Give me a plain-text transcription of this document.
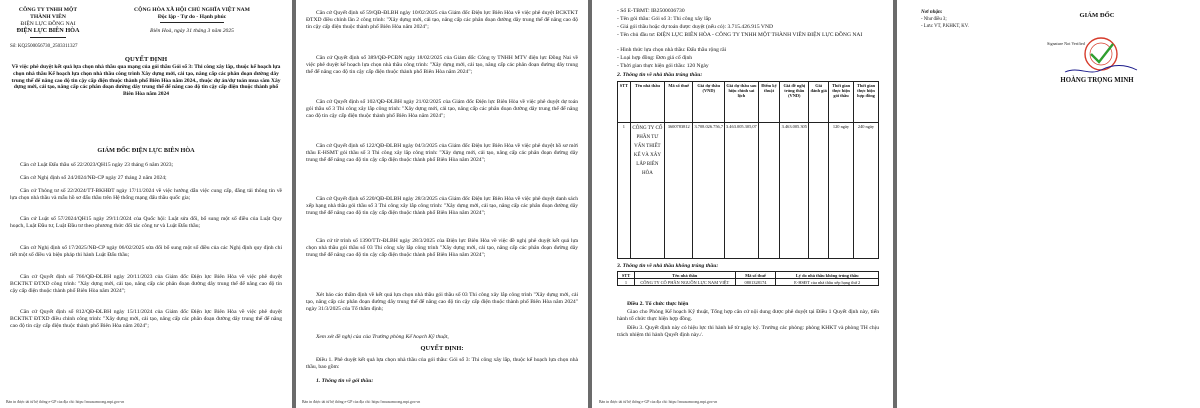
CÔNG TY TNHH MỘT
THÀNH VIÊN
ĐIỆN LỰC ĐỒNG NAI
ĐIỆN LỰC BIÊN HÒA
CỘNG HÒA XÃ HỘI CHỦ NGHĨA VIỆT NAM
Độc lập - Tự do - Hạnh phúc
Biên Hoà, ngày 31 tháng 3 năm 2025
Số: KQ2500056730_2503311327
QUYẾT ĐỊNH
Về việc phê duyệt kết quả lựa chọn nhà thầu qua mạng của gói thầu Gói số 3: Thi công xây lắp, thuộc kế hoạch lựa chọn nhà thầu Kế hoạch lựa chọn nhà thầu công trình Xây dựng mới, cải tạo, nâng cấp các phân đoạn đường dây trung thế để nâng cao độ tin cậy cấp điện thuộc thành phố Biên Hòa năm 2024., thuộc dự án/dự toán mua sắm Xây dựng mới, cải tạo, nâng cấp các phân đoạn đường dây trung thế để nâng cao độ tin cậy cấp điện thuộc thành phố Biên Hòa năm 2024
GIÁM ĐỐC ĐIỆN LỰC BIÊN HÒA
Căn cứ Luật Đấu thầu số 22/2023/QH15 ngày 23 tháng 6 năm 2023;
Căn cứ Nghị định số 24/2024/NĐ-CP ngày 27 tháng 2 năm 2024;
Căn cứ Thông tư số 22/2024/TT-BKHĐT ngày 17/11/2024 về việc hướng dẫn việc cung cấp, đăng tải thông tin về lựa chọn nhà thầu và mẫu hồ sơ đấu thầu trên Hệ thống mạng đấu thầu quốc gia;
Căn cứ Luật số 57/2024/QH15 ngày 29/11/2024 của Quốc hội: Luật sửa đổi, bổ sung một số điều của Luật Quy hoạch, Luật Đầu tư, Luật Đầu tư theo phương thức đối tác công tư và Luật Đấu thầu;
Căn cứ Nghị định số 17/2025/NĐ-CP ngày 06/02/2025 sửa đổi bổ sung một số điều của các Nghị định quy định chi tiết một số điều và biện pháp thi hành Luật Đấu thầu;
Căn cứ Quyết định số 766/QĐ-ĐLBH ngày 20/11/2023 của Giám đốc Điện lực Biên Hòa về việc phê duyệt BCKTKT ĐTXD công trình: "Xây dựng mới, cải tạo, nâng cấp các phân đoạn đường dây trung thế để nâng cao độ tin cậy cấp điện thuộc thành phố Biên Hòa năm 2024";
Căn cứ Quyết định số 812/QĐ-ĐLBH ngày 15/11/2024 của Giám đốc Điện lực Biên Hòa về việc phê duyệt BCKTKT ĐTXD điều chỉnh công trình: "Xây dựng mới, cải tạo, nâng cấp các phân đoạn đường dây trung thế để nâng cao độ tin cậy cấp điện thuộc thành phố Biên Hòa năm 2024";
Bản in được tải từ hệ thống e-GP của địa chỉ: https://muasamcong.mpi.gov.vn
Căn cứ Quyết định số 59/QĐ-ĐLBH ngày 10/02/2025 của Giám đốc Điện lực Biên Hòa về việc phê duyệt BCKTKT ĐTXD điều chỉnh lần 2 công trình: "Xây dựng mới, cải tạo, nâng cấp các phân đoạn đường dây trung thế để nâng cao độ tin cậy cấp điện thuộc thành phố Biên Hòa năm 2024";
Căn cứ Quyết định số 389/QĐ-PCĐN ngày 18/02/2025 của Giám đốc Công ty TNHH MTV điện lực Đồng Nai về việc phê duyệt kế hoạch lựa chọn nhà thầu công trình: "Xây dựng mới, cải tạo, nâng cấp các phân đoạn đường dây trung thế để nâng cao độ tin cậy cấp điện thuộc thành phố Biên Hòa năm 2024";
Căn cứ Quyết định số 102/QĐ-ĐLBH ngày 21/02/2025 của Giám đốc Điện lực Biên Hòa về việc phê duyệt dự toán gói thầu số 3 Thi công xây lắp công trình: "Xây dựng mới, cải tạo, nâng cấp các phân đoạn đường dây trung thế để nâng cao độ tin cậy cấp điện thuộc thành phố Biên Hòa năm 2024";
Căn cứ Quyết định số 122/QĐ-ĐLBH ngày 04/3/2025 của Giám đốc Điện lực Biên Hòa về việc phê duyệt hồ sơ mời thầu E-HSMT gói thầu số 3 Thi công xây lắp công trình: "Xây dựng mới, cải tạo, nâng cấp các phân đoạn đường dây trung thế để nâng cao độ tin cậy cấp điện thuộc thành phố Biên Hòa năm 2024";
Căn cứ Quyết định số 220/QĐ-ĐLBH ngày 28/3/2025 của Giám đốc Điện lực Biên Hòa về việc phê duyệt danh sách xếp hạng nhà thầu gói thầu số 3 Thi công xây lắp công trình: "Xây dựng mới, cải tạo, nâng cấp các phân đoạn đường dây trung thế để nâng cao độ tin cậy cấp điện thuộc thành phố Biên Hòa năm 2024";
Căn cứ tờ trình số 1390/TTr-ĐLBH ngày 28/3/2025 của Điện lực Biên Hòa về việc đề nghị phê duyệt kết quả lựa chọn nhà thầu gói thầu số 03 Thi công xây lắp công trình "Xây dựng mới, cải tạo, nâng cấp các phân đoạn đường dây trung thế để nâng cao độ tin cậy cấp điện thuộc thành phố Biên Hòa năm 2024";
Xét báo cáo thẩm định về kết quả lựa chọn nhà thầu gói thầu số 03 Thi công xây lắp công trình "Xây dựng mới, cải tạo, nâng cấp các phân đoạn đường dây trung thế để nâng cao độ tin cậy cấp điện thuộc thành phố Biên Hòa năm 2024" ngày 31/3/2025 của Tổ thẩm định;
Xem xét đề nghị của của Trưởng phòng Kế hoạch Kỹ thuật,
QUYẾT ĐỊNH:
Điều 1. Phê duyệt kết quả lựa chọn nhà thầu của gói thầu: Gói số 3: Thi công xây lắp, thuộc kế hoạch lựa chọn nhà thầu, bao gồm:
1. Thông tin về gói thầu:
Bản in được tải từ hệ thống e-GP của địa chỉ: https://muasamcong.mpi.gov.vn
- Số E-TBMT: IB2500036730
- Tên gói thầu: Gói số 3: Thi công xây lắp
- Giá gói thầu hoặc dự toán được duyệt (nếu có): 3.715.426.915 VND
- Tên chủ đầu tư: ĐIỆN LỰC BIÊN HÒA - CÔNG TY TNHH MỘT THÀNH VIÊN ĐIỆN LỰC ĐỒNG NAI
- Hình thức lựa chọn nhà thầu: Đấu thầu rộng rãi
- Loại hợp đồng: Đơn giá cố định
- Thời gian thực hiện gói thầu: 120 Ngày
2. Thông tin về nhà thầu trúng thầu:
STT	Tên nhà thầu	Mã số thuế	Giá dự thầu (VND)	Giá dự thầu sau hiệu chỉnh sai lệch	Điểm kỹ thuật	Giá đề nghị trúng thầu (VND)	Giá đánh giá	Thời gian thực hiện gói thầu	Thời gian thực hiện hợp đồng
1	CÔNG TY CỔ PHẦN TƯ VẤN THIẾT KẾ VÀ XÂY LẮP BIÊN HÒA	3600783812	3.708.026.756,7	3.463.005.305,07		3.463.005.305		120 ngày	240 ngày
3. Thông tin về nhà thầu không trúng thầu:
STT	Tên nhà thầu	Mã số thuế	Lý do nhà thầu không trúng thầu
1	CÔNG TY CỔ PHẦN NGUỒN LỰC NAM VIỆT	0801328174	E-HSĐT của nhà thầu xếp hạng thứ 2
Điều 2. Tổ chức thực hiện
Giao cho Phòng Kế hoạch Kỹ thuật, Tổng hợp căn cứ nội dung được phê duyệt tại Điều 1 Quyết định này, tiến hành tổ chức thực hiện hợp đồng.
Điều 3. Quyết định này có hiệu lực thi hành kể từ ngày ký. Trưởng các phòng: phòng KHKT và phòng TH chịu trách nhiệm thi hành Quyết định này./.
Bản in được tải từ hệ thống e-GP của địa chỉ: https://muasamcong.mpi.gov.vn
Nơi nhận:
- Như điều 3;
- Lưu: VT, P.KHKT, KV.
GIÁM ĐỐC
Signature Not Verified
HOÀNG TRỌNG MINH
